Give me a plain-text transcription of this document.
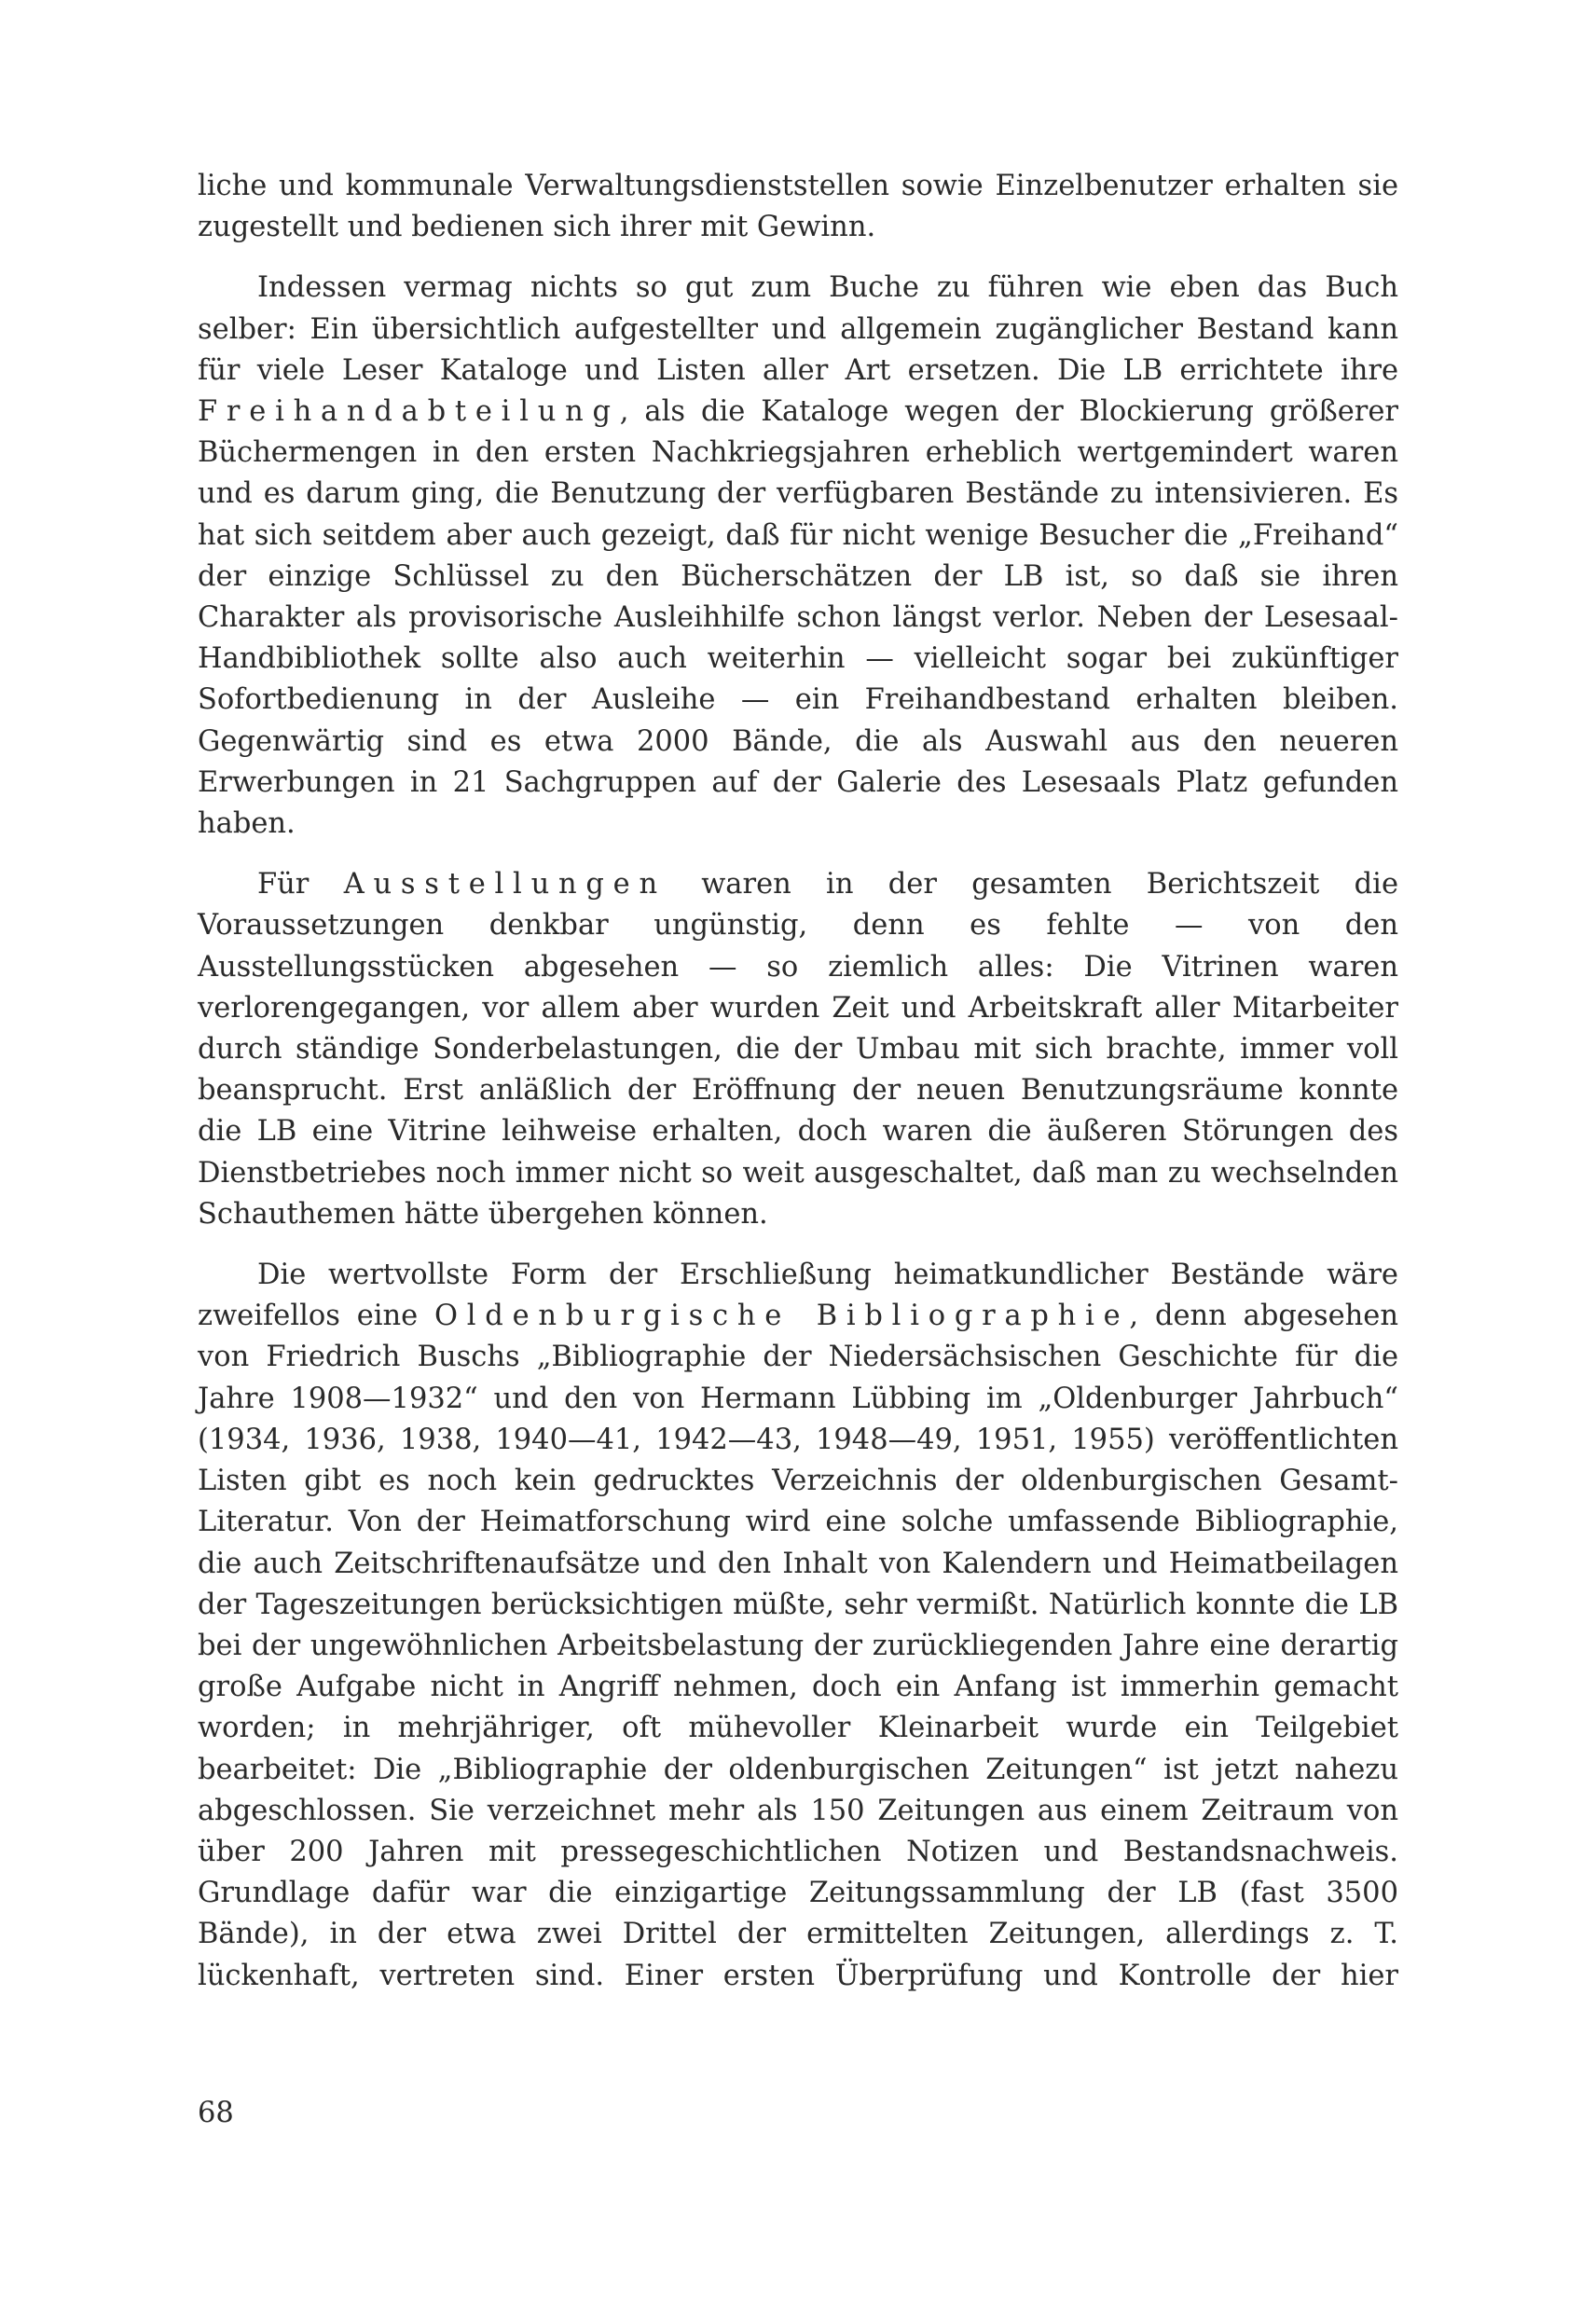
liche und kommunale Verwaltungsdienststellen sowie Einzelbenutzer erhalten sie zugestellt und bedienen sich ihrer mit Gewinn.

Indessen vermag nichts so gut zum Buche zu führen wie eben das Buch selber: Ein übersichtlich aufgestellter und allgemein zugänglicher Bestand kann für viele Leser Kataloge und Listen aller Art ersetzen. Die LB errichtete ihre Freihandabteilung, als die Kataloge wegen der Blockierung größerer Büchermengen in den ersten Nachkriegsjahren erheblich wertgemindert waren und es darum ging, die Benutzung der verfügbaren Bestände zu intensivieren. Es hat sich seitdem aber auch gezeigt, daß für nicht wenige Besucher die „Freihand“ der einzige Schlüssel zu den Bücherschätzen der LB ist, so daß sie ihren Charakter als provisorische Ausleihhilfe schon längst verlor. Neben der Lesesaal-Handbibliothek sollte also auch weiterhin — vielleicht sogar bei zukünftiger Sofortbedienung in der Ausleihe — ein Freihandbestand erhalten bleiben. Gegenwärtig sind es etwa 2000 Bände, die als Auswahl aus den neueren Erwerbungen in 21 Sachgruppen auf der Galerie des Lesesaals Platz gefunden haben.

Für Ausstellungen waren in der gesamten Berichtszeit die Voraussetzungen denkbar ungünstig, denn es fehlte — von den Ausstellungsstücken abgesehen — so ziemlich alles: Die Vitrinen waren verlorengegangen, vor allem aber wurden Zeit und Arbeitskraft aller Mitarbeiter durch ständige Sonderbelastungen, die der Umbau mit sich brachte, immer voll beansprucht. Erst anläßlich der Eröffnung der neuen Benutzungsräume konnte die LB eine Vitrine leihweise erhalten, doch waren die äußeren Störungen des Dienstbetriebes noch immer nicht so weit ausgeschaltet, daß man zu wechselnden Schauthemen hätte übergehen können.

Die wertvollste Form der Erschließung heimatkundlicher Bestände wäre zweifellos eine Oldenburgische Bibliographie, denn abgesehen von Friedrich Buschs „Bibliographie der Niedersächsischen Geschichte für die Jahre 1908—1932“ und den von Hermann Lübbing im „Oldenburger Jahrbuch“ (1934, 1936, 1938, 1940—41, 1942—43, 1948—49, 1951, 1955) veröffentlichten Listen gibt es noch kein gedrucktes Verzeichnis der oldenburgischen Gesamt-Literatur. Von der Heimatforschung wird eine solche umfassende Bibliographie, die auch Zeitschriftenaufsätze und den Inhalt von Kalendern und Heimatbeilagen der Tageszeitungen berücksichtigen müßte, sehr vermißt. Natürlich konnte die LB bei der ungewöhnlichen Arbeitsbelastung der zurückliegenden Jahre eine derartig große Aufgabe nicht in Angriff nehmen, doch ein Anfang ist immerhin gemacht worden; in mehrjähriger, oft mühevoller Kleinarbeit wurde ein Teilgebiet bearbeitet: Die „Bibliographie der oldenburgischen Zeitungen“ ist jetzt nahezu abgeschlossen. Sie verzeichnet mehr als 150 Zeitungen aus einem Zeitraum von über 200 Jahren mit pressegeschichtlichen Notizen und Bestandsnachweis. Grundlage dafür war die einzigartige Zeitungssammlung der LB (fast 3500 Bände), in der etwa zwei Drittel der ermittelten Zeitungen, allerdings z. T. lückenhaft, vertreten sind. Einer ersten Überprüfung und Kontrolle der hier

68
